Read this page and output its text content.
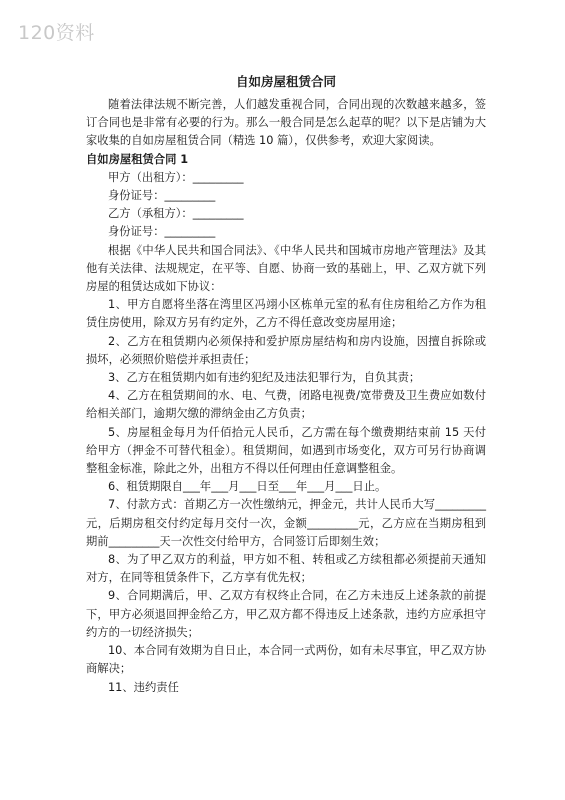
120资料
自如房屋租赁合同

随着法律法规不断完善，人们越发重视合同，合同出现的次数越来越多，签订合同也是非常有必要的行为。那么一般合同是怎么起草的呢？以下是店铺为大家收集的自如房屋租赁合同（精选 10 篇），仅供参考，欢迎大家阅读。

自如房屋租赁合同 1

甲方（出租方）：_________

身份证号：_________

乙方（承租方）：_________

身份证号：_________

根据《中华人民共和国合同法》、《中华人民共和国城市房地产管理法》及其他有关法律、法规规定，在平等、自愿、协商一致的基础上，甲、乙双方就下列房屋的租赁达成如下协议：

1、甲方自愿将坐落在湾里区冯翊小区栋单元室的私有住房租给乙方作为租赁住房使用，除双方另有约定外，乙方不得任意改变房屋用途；

2、乙方在租赁期内必须保持和爱护原房屋结构和房内设施，因擅自拆除或损坏，必须照价赔偿并承担责任；

3、乙方在租赁期内如有违约犯纪及违法犯罪行为，自负其责；

4、乙方在租赁期间的水、电、气费，闭路电视费/宽带费及卫生费应如数付给相关部门，逾期欠缴的滞纳金由乙方负责；

5、房屋租金每月为仟佰拾元人民币，乙方需在每个缴费期结束前 15 天付给甲方（押金不可替代租金）。租赁期间，如遇到市场变化，双方可另行协商调整租金标准，除此之外，出租方不得以任何理由任意调整租金。

6、租赁期限自___年___月___日至___年___月___日止。

7、付款方式：首期乙方一次性缴纳元，押金元，共计人民币大写_________元，后期房租交付约定每月交付一次，金额_________元，乙方应在当期房租到期前_________天一次性交付给甲方，合同签订后即刻生效；

8、为了甲乙双方的利益，甲方如不租、转租或乙方续租都必须提前天通知对方，在同等租赁条件下，乙方享有优先权；

9、合同期满后，甲、乙双方有权终止合同，在乙方未违反上述条款的前提下，甲方必须退回押金给乙方，甲乙双方都不得违反上述条款，违约方应承担守约方的一切经济损失；

10、本合同有效期为自日止，本合同一式两份，如有未尽事宜，甲乙双方协商解决；

11、违约责任
